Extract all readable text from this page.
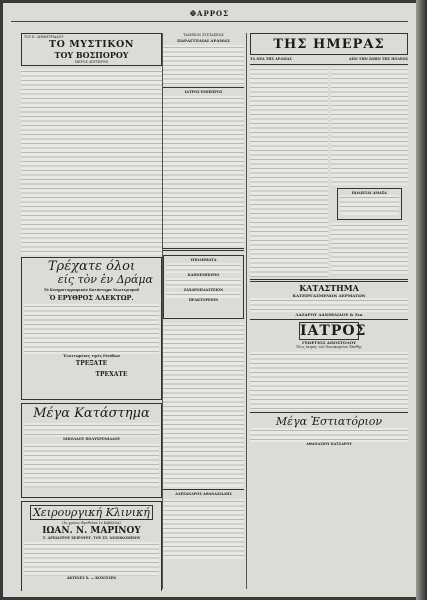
ΦΑΡΡΟΣ
ΤΟΥ Ε. ΔΗΜΗΤΡΙΑΔΟΥ
ΤΟ ΜΥΣΤΙΚΟΝ
ΤΟΥ ΒΟΣΠΟΡΟΥ
ΜΕΡΟΣ ΔΕΥΤΕΡΟΝ
Τρέχατε όλοι
είς τὸν ἐν Δράμα
Τὸ Κινηματογραφικὸν Κατάστημα Νεωτερισμοῦ
Ὁ ΕΡΥΘΡΟΣ ΑΛΕΚΤΩΡ.
Ἐλαττωμένες τιμές Εἰσόδων
ΤΡΕΞΑΤΕ
ΤΡΕΧΑΤΕ
Μέγα Κατάστημα
ΝΙΚΟΛΑΟΥ ΠΟΛΥΧΡΟΝΙΑΔΟΥ
Χειρουργική Κλινική
(ἐν χρόνῳ ἱδρυθεῖσα ἐν Καβάλλᾳ)
ΙΩΑΝ. Ν. ΜΑΡΙΝΟΥ
Τ. ΑΡΧΙΑΤΡΟΥ ΧΕΙΡΟΥΡΓ. ΤΟΥ ΣΤ. ΝΟΣΟΚΟΜΕΙΟΥ
ΑΚΤΙΝΕΣ Χ. — ΚΟΝΙΣΣΕΝ
ΤΑΜΕΙΟΝ ΣΥΣΤΑΣΕΩΣ
ΠΑΡΑΓΓΕΛΙΑΙ ΔΡΑΜΑΣ
ΙΑΤΡΟΣ ΕΜΠΕΙΡΟΣ
ΥΠΟΔΗΜΑΤΑ
ΚΑΠΝΕΜΠΟΡΙΟ
ΖΑΧΑΡΟΠΛΑΣΤΕΙΟΝ
ΠΡΑΚΤΟΡΕΙΟΝ
ΑΛΕΞΑΝΔΡΟΣ ΑΘΑΝΑΣΙΑΔΗΣ
ΤΗΣ ΗΜΕΡΑΣ
ΤΑ ΝΕΑ ΤΗΣ ΔΡΑΜΑΣ	ΑΠΟ ΤΗΝ ΖΩΗΝ ΤΗΣ ΠΟΛΕΩΣ
ΠΩΛΕΙΤΑΙ ΑΜΑΞΑ
ΚΑΤΑΣΤΗΜΑ
ΚΑΤΕΙΡΓΑΣΜΕΝΩΝ ΔΕΡΜΑΤΩΝ
ΛΑΖΑΡΟΥ ΔΑΝΙΗΛΙΔΟΥ & Σια
ΙΑΤΡΟΣ
ΓΕΩΡΓΙΟΣ ΑΠΟΣΤΟΛΟΥ
Τέως ἰατρὸς τοῦ Νοσοκομείου Ξάνθης
Μέγα Ἐστιατόριον
ΑΘΑΝΑΣΙΟΥ ΚΑΤΣΑΡΟΥ
